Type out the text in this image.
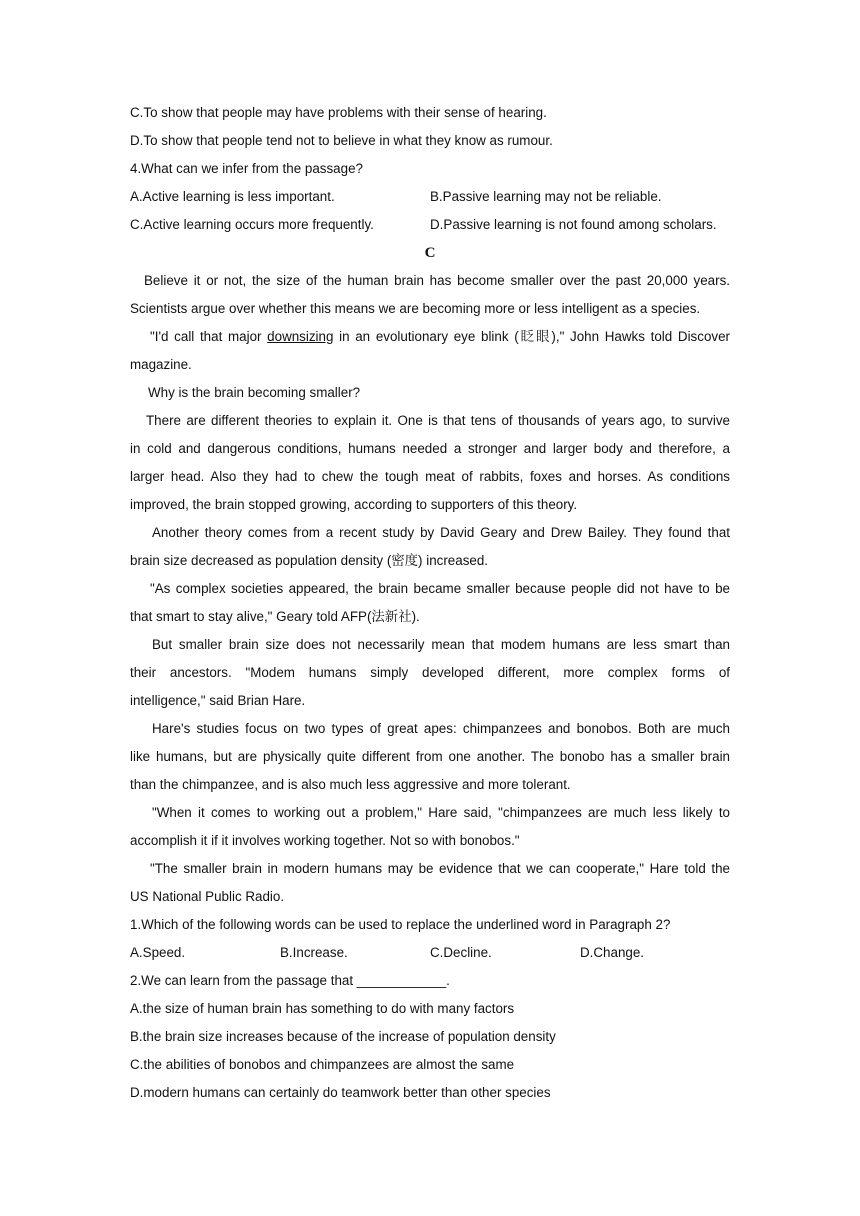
C.To show that people may have problems with their sense of hearing.
D.To show that people tend not to believe in what they know as rumour.
4.What can we infer from the passage?
A.Active learning is less important.	B.Passive learning may not be reliable.
C.Active learning occurs more frequently.	D.Passive learning is not found among scholars.
C
Believe it or not, the size of the human brain has become smaller over the past 20,000 years.
Scientists argue over whether this means we are becoming more or less intelligent as a species.
"I'd call that major downsizing in an evolutionary eye blink (眨眼)," John Hawks told Discover
magazine.
Why is the brain becoming smaller?
There are different theories to explain it. One is that tens of thousands of years ago, to survive
in cold and dangerous conditions, humans needed a stronger and larger body and therefore, a
larger head. Also they had to chew the tough meat of rabbits, foxes and horses. As conditions
improved, the brain stopped growing, according to supporters of this theory.
Another theory comes from a recent study by David Geary and Drew Bailey. They found that
brain size decreased as population density (密度) increased.
"As complex societies appeared, the brain became smaller because people did not have to be
that smart to stay alive," Geary told AFP(法新社).
But smaller brain size does not necessarily mean that modem humans are less smart than
their ancestors. "Modem humans simply developed different, more complex forms of
intelligence," said Brian Hare.
Hare's studies focus on two types of great apes: chimpanzees and bonobos. Both are much
like humans, but are physically quite different from one another. The bonobo has a smaller brain
than the chimpanzee, and is also much less aggressive and more tolerant.
"When it comes to working out a problem," Hare said, "chimpanzees are much less likely to
accomplish it if it involves working together. Not so with bonobos."
"The smaller brain in modern humans may be evidence that we can cooperate," Hare told the
US National Public Radio.
1.Which of the following words can be used to replace the underlined word in Paragraph 2?
A.Speed.	B.Increase.	C.Decline.	D.Change.
2.We can learn from the passage that ____________.
A.the size of human brain has something to do with many factors
B.the brain size increases because of the increase of population density
C.the abilities of bonobos and chimpanzees are almost the same
D.modern humans can certainly do teamwork better than other species
